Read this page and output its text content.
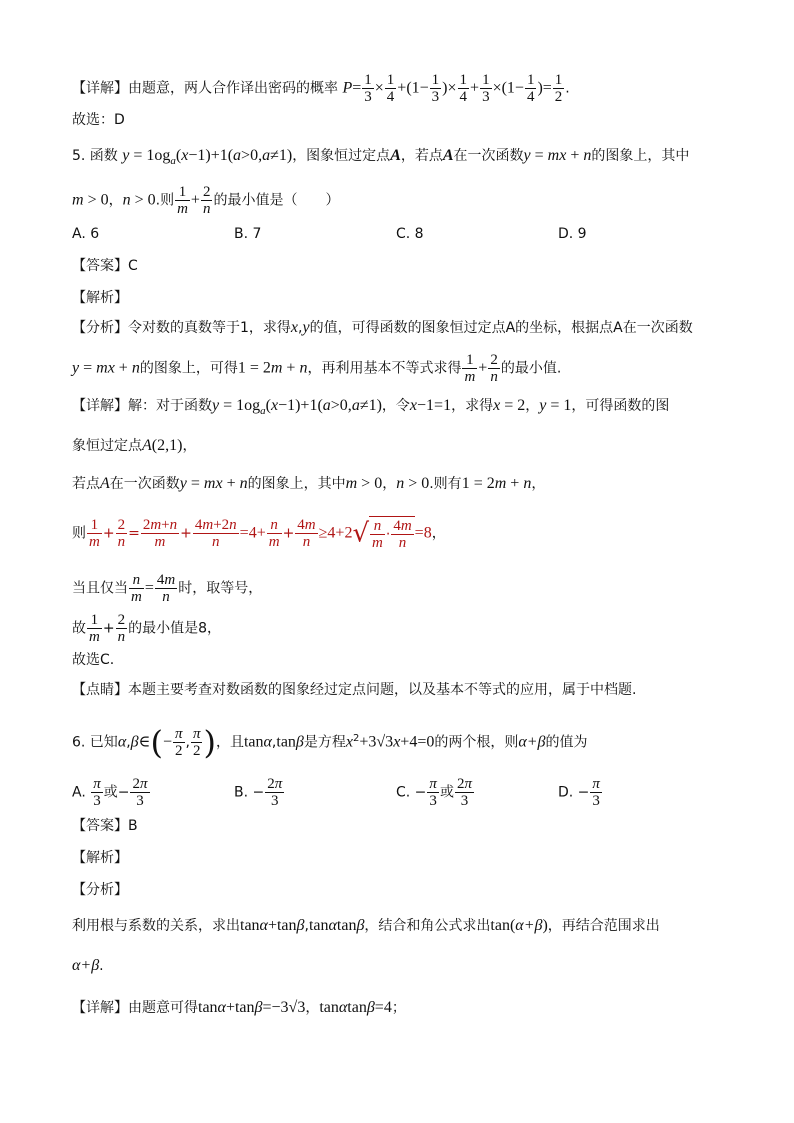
【详解】由题意，两人合作译出密码的概率 $P= \frac{1}{3} \times \frac{1}{4} +(1- \frac{1}{3}$ )× $\frac{1}{4} + \frac{1}{3} \times(1- \frac{1}{4}$ )= $\frac{1}{2}$ .
故选：D
5. 函数 $y = 1og_a(x-1)+1(a>0,a\ne 1)$，图象恒过定点A，若点A在一次函数y = mx + n的图象上，其中
m > 0，n > 0.则 $\frac{1}{m} + \frac{2}{n}$ 的最小值是（　　）
A. 6	B. 7	C. 8	D. 9
【答案】C
【解析】
【分析】令对数的真数等于1，求得x,y的值，可得函数的图象恒过定点A的坐标，根据点A在一次函数
y = mx + n的图象上，可得1 = 2m + n，再利用基本不等式求得 $\frac{1}{m} + \frac{2}{n}$ 的最小值.
【详解】解：对于函数$y = 1og_a(x-1)+1(a>0,a\ne 1)$，令x−1=1，求得x = 2，y = 1，可得函数的图
象恒过定点A(2,1)，
若点A在一次函数y = mx + n的图象上，其中m > 0，n > 0.则有1 = 2m + n，
则 $\frac{1}{m} + \frac{2}{n} = \frac{2m+n}{m} + \frac{4m+2n}{n} =4+ \frac{n}{m} + \frac{4m}{n} \ge 4+2√ \frac{n}{m} \cdot \frac{4m}{n} =8$，
当且仅当 $\frac{n}{m} = \frac{4m}{n}$ 时，取等号，
故 $\frac{1}{m} + \frac{2}{n}$ 的最小值是8，
故选C.
【点睛】本题主要考查对数函数的图象经过定点问题，以及基本不等式的应用，属于中档题.
6. 已知α,β∈(− $\frac{\pi}{2}$ , $\frac{\pi}{2}$ )，且tanα,tanβ是方程$x^2+3√3x+4=0$的两个根，则α+β的值为
A. $\frac{\pi}{3}$ 或− $\frac{2\pi}{3}$	B. − $\frac{2\pi}{3}$	C. − $\frac{\pi}{3}$ 或 $\frac{2\pi}{3}$	D. − $\frac{\pi}{3}$
【答案】B
【解析】
【分析】
利用根与系数的关系，求出tanα+tanβ,tanαtanβ，结合和角公式求出tan(α+β)，再结合范围求出
α+β.
【详解】由题意可得tanα+tanβ=−3√3，tanαtanβ=4；
